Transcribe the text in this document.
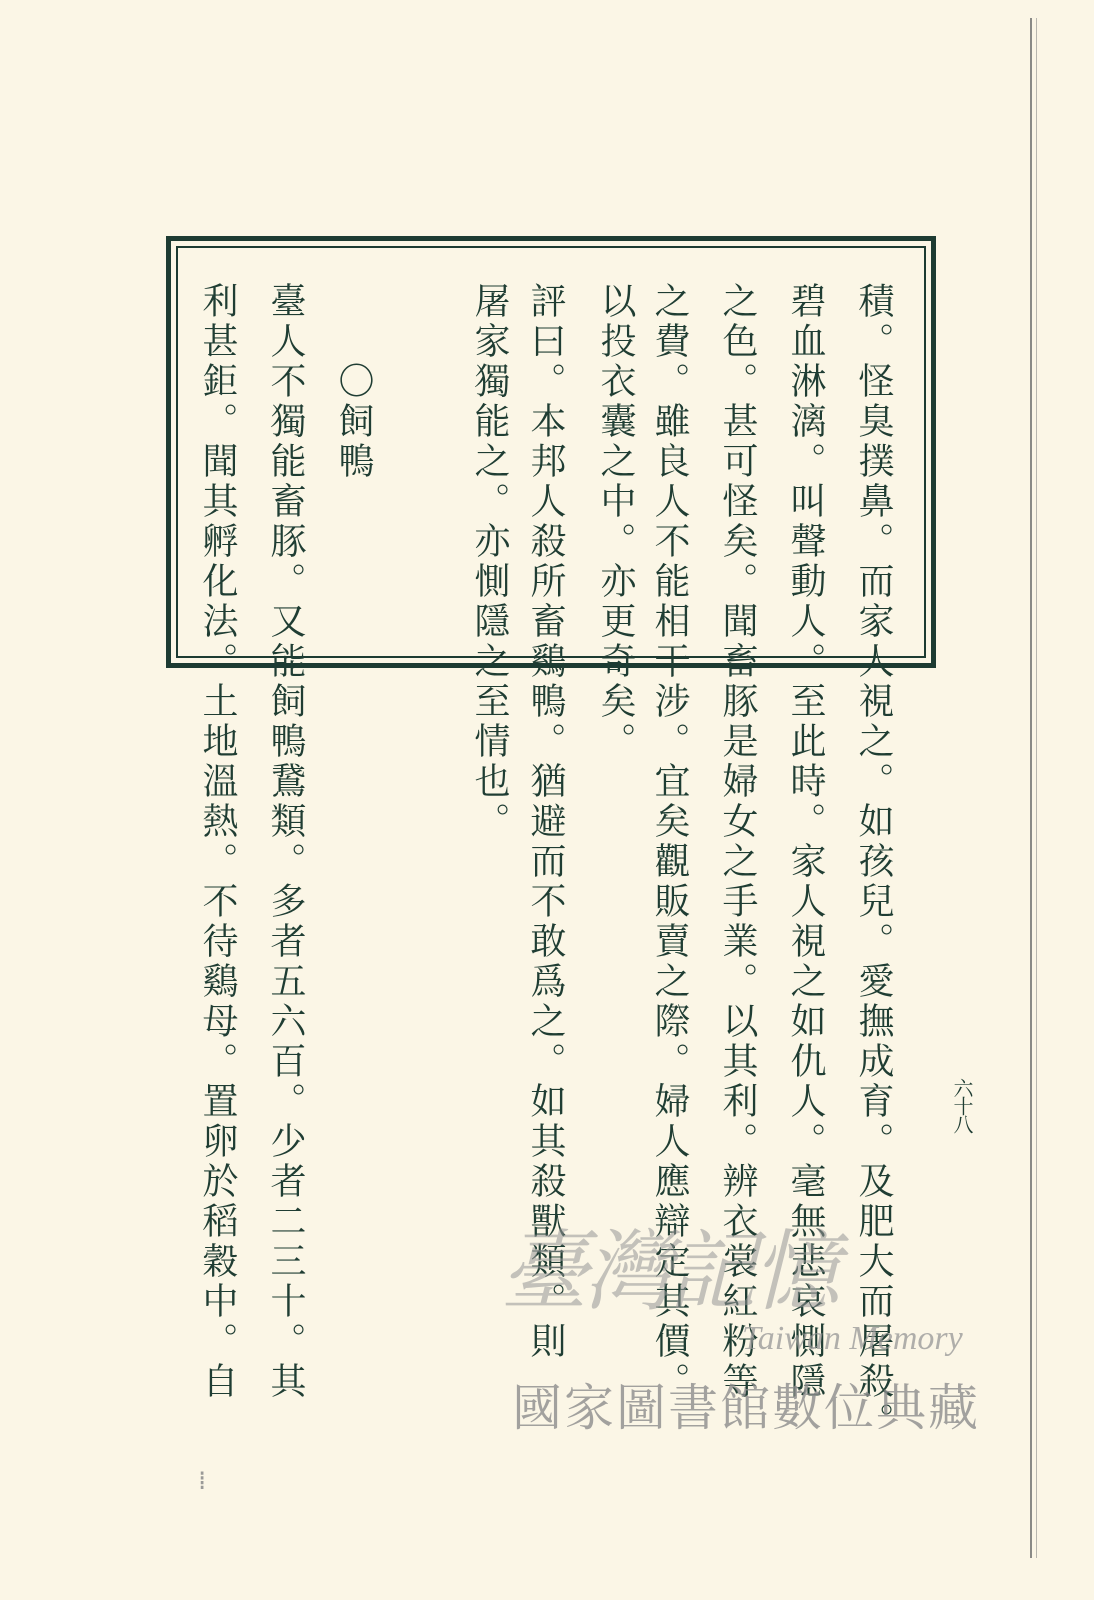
積。怪臭撲鼻。而家人視之。如孩兒。愛撫成育。及肥大而屠殺。
碧血淋漓。叫聲動人。至此時。家人視之如仇人。毫無悲哀惻隱
之色。甚可怪矣。聞畜豚是婦女之手業。以其利。辨衣裳紅粉等
之費。雖良人不能相干涉。宜矣觀販賣之際。婦人應辯定其價。
以投衣囊之中。亦更奇矣。
評曰。本邦人殺所畜鷄鴨。猶避而不敢爲之。如其殺獸類。則
屠家獨能之。亦惻隱之至情也。
〇飼鴨
臺人不獨能畜豚。又能飼鴨鵞類。多者五六百。少者二三十。其
利甚鉅。聞其孵化法。土地溫熱。不待鷄母。置卵於稻穀中。自	六十八
臺灣記憶
Taiwan Memory
國家圖書館數位典藏
⁞
